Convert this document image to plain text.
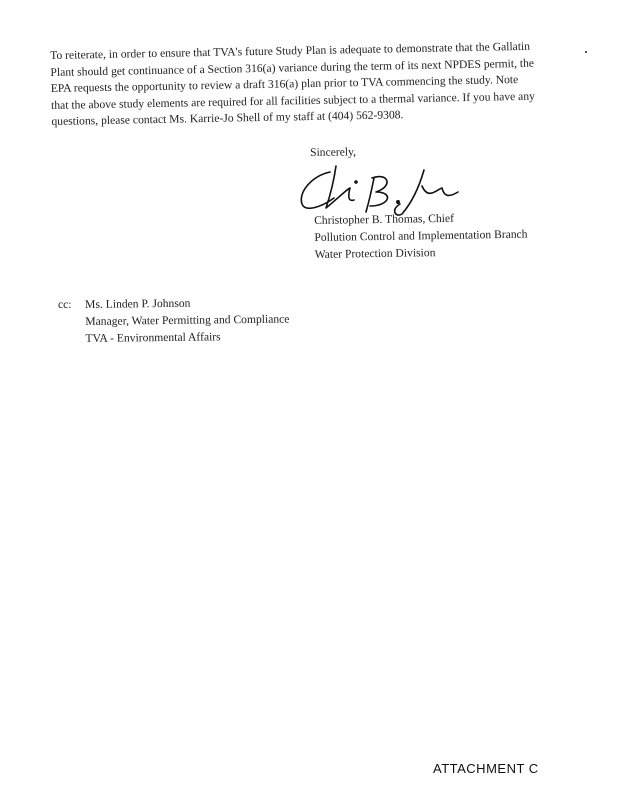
To reiterate, in order to ensure that TVA's future Study Plan is adequate to demonstrate that the Gallatin
Plant should get continuance of a Section 316(a) variance during the term of its next NPDES permit, the
EPA requests the opportunity to review a draft 316(a) plan prior to TVA commencing the study. Note
that the above study elements are required for all facilities subject to a thermal variance. If you have any
questions, please contact Ms. Karrie-Jo Shell of my staff at (404) 562-9308.
Sincerely,
Christopher B. Thomas, Chief
Pollution Control and Implementation Branch
Water Protection Division
cc: Ms. Linden P. Johnson
Manager, Water Permitting and Compliance
TVA - Environmental Affairs
ATTACHMENT C
